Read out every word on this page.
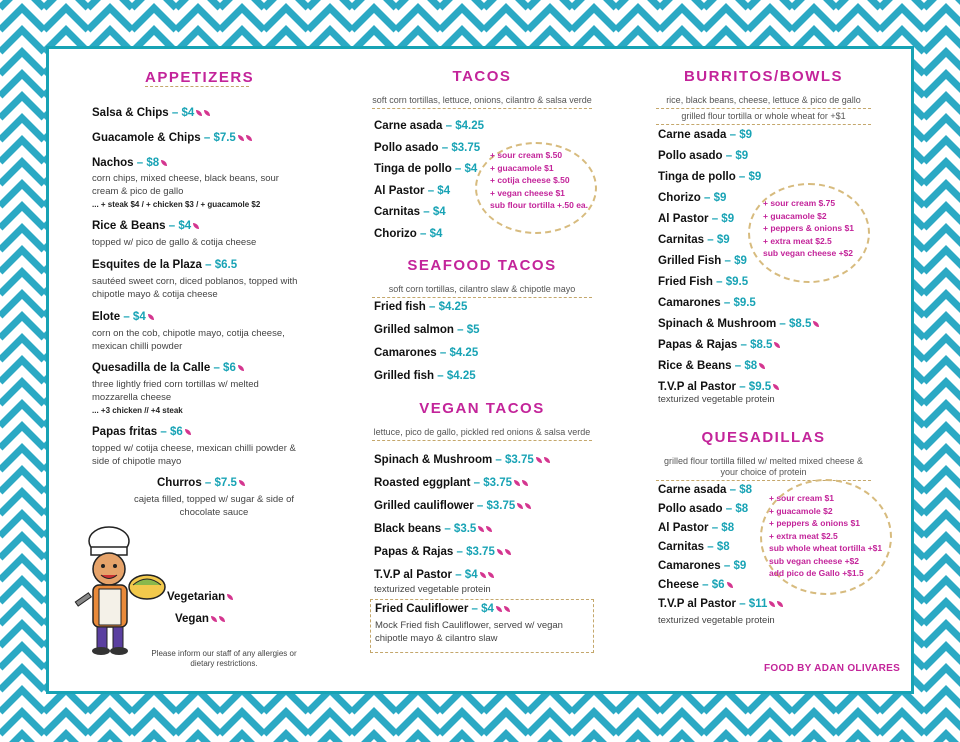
APPETIZERS
Salsa & Chips – $4
Guacamole & Chips – $7.5
Nachos – $8
corn chips, mixed cheese, black beans, sour cream & pico de gallo
... + steak $4 / + chicken $3 / + guacamole $2
Rice & Beans – $4
topped w/ pico de gallo & cotija cheese
Esquites de la Plaza – $6.5
sautéed sweet corn, diced poblanos, topped with chipotle mayo & cotija cheese
Elote – $4
corn on the cob, chipotle mayo, cotija cheese, mexican chilli powder
Quesadilla de la Calle – $6
three lightly fried corn tortillas w/ melted mozzarella cheese
... +3 chicken // +4 steak
Papas fritas – $6
topped w/ cotija cheese, mexican chilli powder & side of chipotle mayo
Churros – $7.5
cajeta filled, topped w/ sugar & side of chocolate sauce
Vegetarian
Vegan
Please inform our staff of any allergies or dietary restrictions.
TACOS
soft corn tortillas, lettuce, onions, cilantro & salsa verde
Carne asada – $4.25
Pollo asado – $3.75
Tinga de pollo – $4
Al Pastor – $4
Carnitas – $4
Chorizo – $4
+ sour cream $.50
+ guacamole $1
+ cotija cheese $.50
+ vegan cheese $1
sub flour tortilla +.50 ea.
SEAFOOD TACOS
soft corn tortillas, cilantro slaw & chipotle mayo
Fried fish – $4.25
Grilled salmon – $5
Camarones – $4.25
Grilled fish – $4.25
VEGAN TACOS
lettuce, pico de gallo, pickled red onions & salsa verde
Spinach & Mushroom – $3.75
Roasted eggplant – $3.75
Grilled cauliflower – $3.75
Black beans – $3.5
Papas & Rajas – $3.75
T.V.P al Pastor – $4
texturized vegetable protein
Fried Cauliflower – $4
Mock Fried fish Cauliflower, served w/ vegan chipotle mayo & cilantro slaw
BURRITOS/BOWLS
rice, black beans, cheese, lettuce & pico de gallo
grilled flour tortilla or whole wheat for +$1
Carne asada – $9
Pollo asado – $9
Tinga de pollo – $9
Chorizo – $9
Al Pastor – $9
Carnitas – $9
Grilled Fish – $9
Fried Fish – $9.5
Camarones – $9.5
Spinach & Mushroom – $8.5
Papas & Rajas – $8.5
Rice & Beans – $8
T.V.P al Pastor – $9.5
texturized vegetable protein
+ sour cream $.75
+ guacamole $2
+ peppers & onions $1
+ extra meat $2.5
sub vegan cheese +$2
QUESADILLAS
grilled flour tortilla filled w/ melted mixed cheese & your choice of protein
Carne asada – $8
Pollo asado – $8
Al Pastor – $8
Carnitas – $8
Camarones – $9
Cheese – $6
T.V.P al Pastor – $11
texturized vegetable protein
+ sour cream $1
+ guacamole $2
+ peppers & onions $1
+ extra meat $2.5
sub whole wheat tortilla +$1
sub vegan cheese +$2
add pico de Gallo +$1.5
FOOD BY ADAN OLIVARES
